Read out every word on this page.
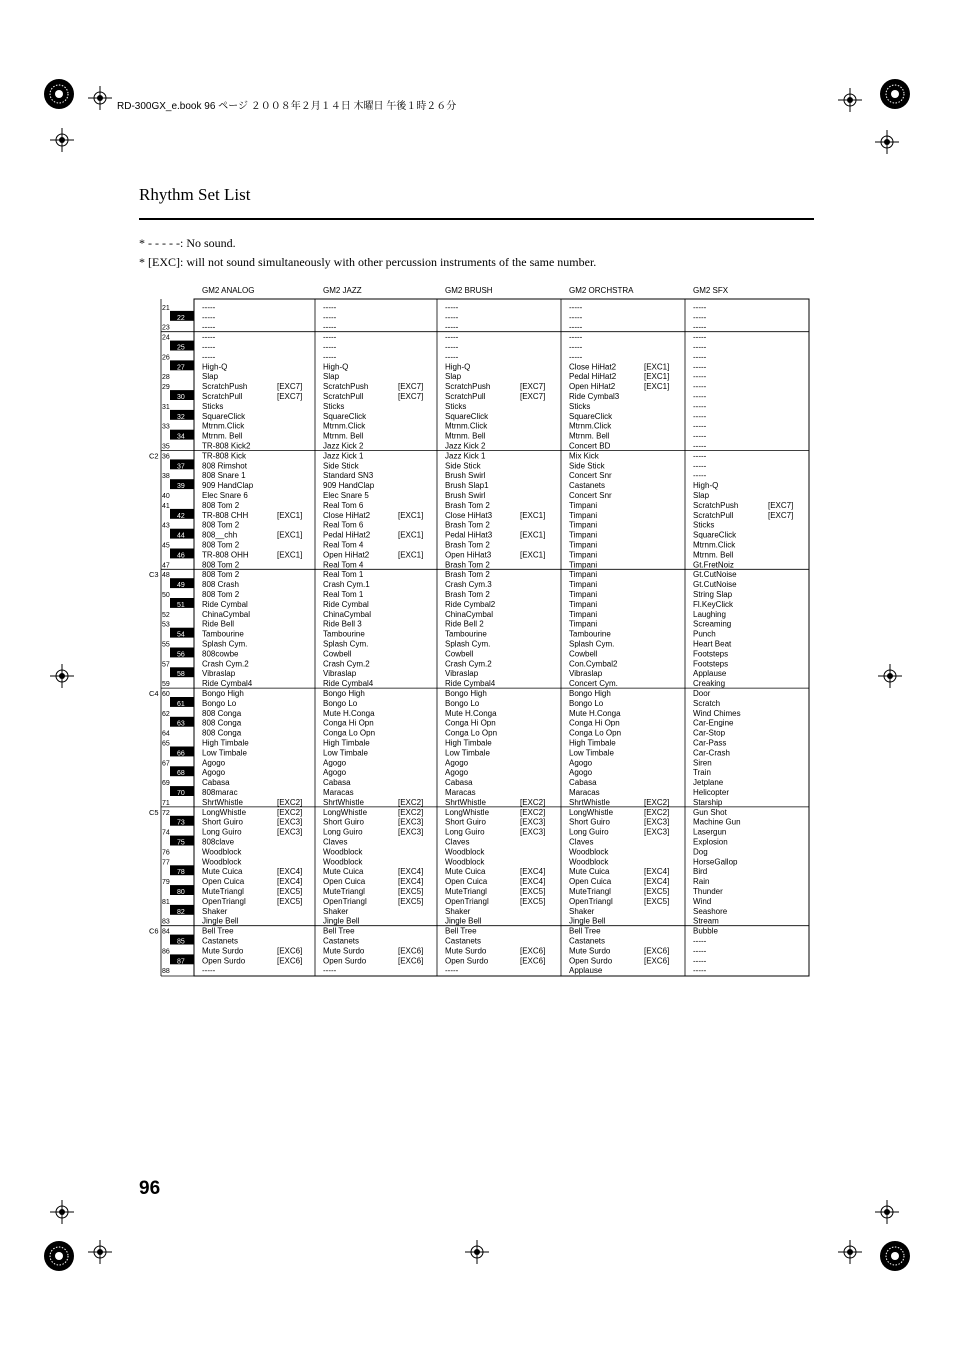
RD-300GX_e.book 96 ページ ２００８年２月１４日 木曜日 午後１時２６分
Rhythm Set List
* - - - - -: No sound.
* [EXC]: will not sound simultaneously with other percussion instruments of the same number.
GM2 ANALOG	GM2 JAZZ	GM2 BRUSH	GM2 ORCHSTRA	GM2 SFX
21	-----	-----	-----	-----	-----
22 -----	-----	-----	-----	-----
23	-----	-----	-----	-----	-----
24	-----	-----	-----	-----	-----
25 -----	-----	-----	-----	-----
26	-----	-----	-----	-----	-----
27 High-Q	High-Q	High-Q	Close HiHat2	[EXC1]	-----
28	Slap	Slap	Slap	Pedal HiHat2	[EXC1]	-----
29	ScratchPush	[EXC7]	ScratchPush	[EXC7]	ScratchPush	[EXC7]	Open HiHat2	[EXC1]	-----
30 ScratchPull	[EXC7]	ScratchPull	[EXC7]	ScratchPull	[EXC7]	Ride Cymbal3	-----
31	Sticks	Sticks	Sticks	Sticks	-----
32 SquareClick	SquareClick	SquareClick	SquareClick	-----
33	Mtrnm.Click	Mtrnm.Click	Mtrnm.Click	Mtrnm.Click	-----
34 Mtrnm. Bell	Mtrnm. Bell	Mtrnm. Bell	Mtrnm. Bell	-----
35	TR-808 Kick2	Jazz Kick 2	Jazz Kick 2	Concert BD	-----
36	TR-808 Kick	Jazz Kick 1	Jazz Kick 1	Mix Kick	-----
37 808 Rimshot	Side Stick	Side Stick	Side Stick	-----
38	808 Snare 1	Standard SN3	Brush Swirl	Concert Snr	-----
39 909 HandClap	909 HandClap	Brush Slap1	Castanets	High-Q
40	Elec Snare 6	Elec Snare 5	Brush Swirl	Concert Snr	Slap
41	808 Tom 2	Real Tom 6	Brash Tom 2	Timpani	ScratchPush	[EXC7]
42 TR-808 CHH	[EXC1]	Close HiHat2	[EXC1]	Close HiHat3	[EXC1]	Timpani	ScratchPull	[EXC7]
43	808 Tom 2	Real Tom 6	Brash Tom 2	Timpani	Sticks
44 808__chh	[EXC1]	Pedal HiHat2	[EXC1]	Pedal HiHat3	[EXC1]	Timpani	SquareClick
45	808 Tom 2	Real Tom 4	Brash Tom 2	Timpani	Mtrnm.Click
46 TR-808 OHH	[EXC1]	Open HiHat2	[EXC1]	Open HiHat3	[EXC1]	Timpani	Mtrnm. Bell
47	808 Tom 2	Real Tom 4	Brash Tom 2	Timpani	Gt.FretNoiz
48	808 Tom 2	Real Tom 1	Brash Tom 2	Timpani	Gt.CutNoise
49 808 Crash	Crash Cym.1	Crash Cym.3	Timpani	Gt.CutNoise
50	808 Tom 2	Real Tom 1	Brash Tom 2	Timpani	String Slap
51 Ride Cymbal	Ride Cymbal	Ride Cymbal2	Timpani	Fl.KeyClick
52	ChinaCymbal	ChinaCymbal	ChinaCymbal	Timpani	Laughing
53	Ride Bell	Ride Bell 3	Ride Bell 2	Timpani	Screaming
54 Tambourine	Tambourine	Tambourine	Tambourine	Punch
55	Splash Cym.	Splash Cym.	Splash Cym.	Splash Cym.	Heart Beat
56 808cowbe	Cowbell	Cowbell	Cowbell	Footsteps
57	Crash Cym.2	Crash Cym.2	Crash Cym.2	Con.Cymbal2	Footsteps
58 Vibraslap	Vibraslap	Vibraslap	Vibraslap	Applause
59	Ride Cymbal4	Ride Cymbal4	Ride Cymbal4	Concert Cym.	Creaking
60	Bongo High	Bongo High	Bongo High	Bongo High	Door
61 Bongo Lo	Bongo Lo	Bongo Lo	Bongo Lo	Scratch
62	808 Conga	Mute H.Conga	Mute H.Conga	Mute H.Conga	Wind Chimes
63 808 Conga	Conga Hi Opn	Conga Hi Opn	Conga Hi Opn	Car-Engine
64	808 Conga	Conga Lo Opn	Conga Lo Opn	Conga Lo Opn	Car-Stop
65	High Timbale	High Timbale	High Timbale	High Timbale	Car-Pass
66 Low Timbale	Low Timbale	Low Timbale	Low Timbale	Car-Crash
67	Agogo	Agogo	Agogo	Agogo	Siren
68 Agogo	Agogo	Agogo	Agogo	Train
69	Cabasa	Cabasa	Cabasa	Cabasa	Jetplane
70 808marac	Maracas	Maracas	Maracas	Helicopter
71	ShrtWhistle	[EXC2]	ShrtWhistle	[EXC2]	ShrtWhistle	[EXC2]	ShrtWhistle	[EXC2]	Starship
72	LongWhistle	[EXC2]	LongWhistle	[EXC2]	LongWhistle	[EXC2]	LongWhistle	[EXC2]	Gun Shot
73 Short Guiro	[EXC3]	Short Guiro	[EXC3]	Short Guiro	[EXC3]	Short Guiro	[EXC3]	Machine Gun
74	Long Guiro	[EXC3]	Long Guiro	[EXC3]	Long Guiro	[EXC3]	Long Guiro	[EXC3]	Lasergun
75 808clave	Claves	Claves	Claves	Explosion
76	Woodblock	Woodblock	Woodblock	Woodblock	Dog
77	Woodblock	Woodblock	Woodblock	Woodblock	HorseGallop
78 Mute Cuica	[EXC4]	Mute Cuica	[EXC4]	Mute Cuica	[EXC4]	Mute Cuica	[EXC4]	Bird
79	Open Cuica	[EXC4]	Open Cuica	[EXC4]	Open Cuica	[EXC4]	Open Cuica	[EXC4]	Rain
80 MuteTriangl	[EXC5]	MuteTriangl	[EXC5]	MuteTriangl	[EXC5]	MuteTriangl	[EXC5]	Thunder
81	OpenTriangl	[EXC5]	OpenTriangl	[EXC5]	OpenTriangl	[EXC5]	OpenTriangl	[EXC5]	Wind
82 Shaker	Shaker	Shaker	Shaker	Seashore
83	Jingle Bell	Jingle Bell	Jingle Bell	Jingle Bell	Stream
84	Bell Tree	Bell Tree	Bell Tree	Bell Tree	Bubble
85 Castanets	Castanets	Castanets	Castanets	-----
86	Mute Surdo	[EXC6]	Mute Surdo	[EXC6]	Mute Surdo	[EXC6]	Mute Surdo	[EXC6]	-----
87 Open Surdo	[EXC6]	Open Surdo	[EXC6]	Open Surdo	[EXC6]	Open Surdo	[EXC6]	-----
88	-----	-----	-----	Applause	-----
C2
C3
C4
C5
C6
96
